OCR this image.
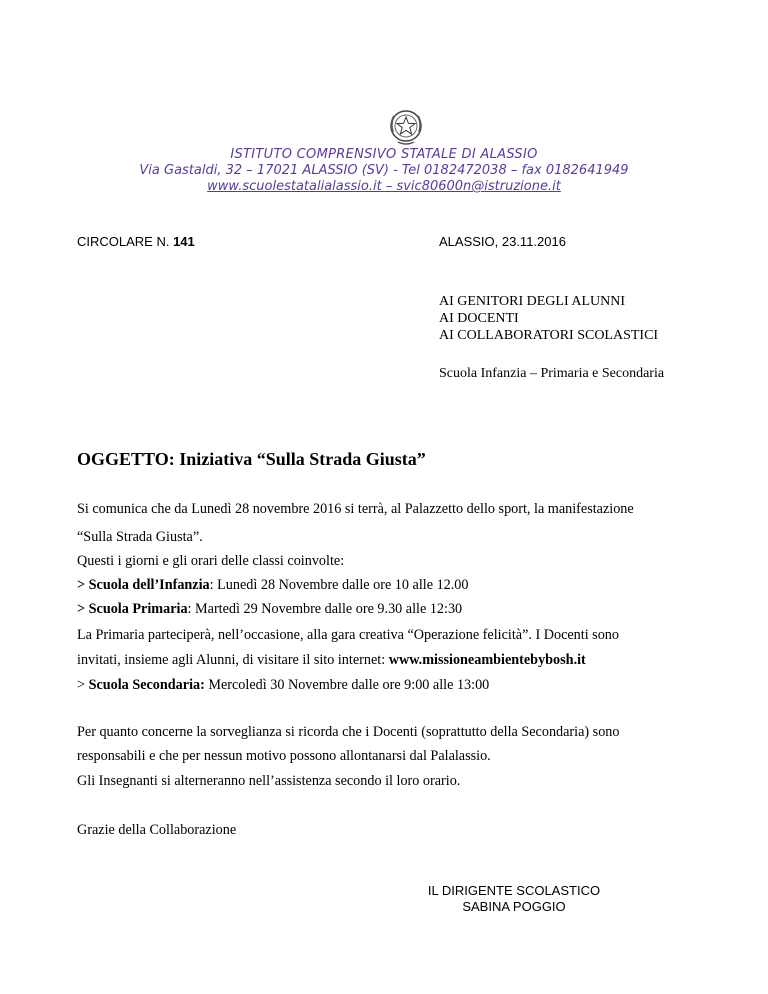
ISTITUTO COMPRENSIVO STATALE DI ALASSIO
Via Gastaldi, 32 – 17021 ALASSIO (SV) - Tel 0182472038 – fax 0182641949
www.scuolestatalialassio.it – svic80600n@istruzione.it
CIRCOLARE N. 141	ALASSIO, 23.11.2016
AI GENITORI DEGLI ALUNNI
AI DOCENTI
AI COLLABORATORI SCOLASTICI
Scuola Infanzia – Primaria e Secondaria
OGGETTO: Iniziativa “Sulla Strada Giusta”
Si comunica che da Lunedì 28 novembre 2016 si terrà, al Palazzetto dello sport, la manifestazione
“Sulla Strada Giusta”.
Questi i giorni e gli orari delle classi coinvolte:
> Scuola dell’Infanzia: Lunedì 28 Novembre dalle ore 10 alle 12.00
> Scuola Primaria: Martedì 29 Novembre dalle ore 9.30 alle 12:30
La Primaria parteciperà, nell’occasione, alla gara creativa “Operazione felicità”. I Docenti sono
invitati, insieme agli Alunni, di visitare il sito internet: www.missioneambientebybosh.it
> Scuola Secondaria: Mercoledì 30 Novembre dalle ore 9:00 alle 13:00
Per quanto concerne la sorveglianza si ricorda che i Docenti (soprattutto della Secondaria) sono
responsabili e che per nessun motivo possono allontanarsi dal Palalassio.
Gli Insegnanti si alterneranno nell’assistenza secondo il loro orario.
Grazie della Collaborazione
IL DIRIGENTE SCOLASTICO
SABINA POGGIO
